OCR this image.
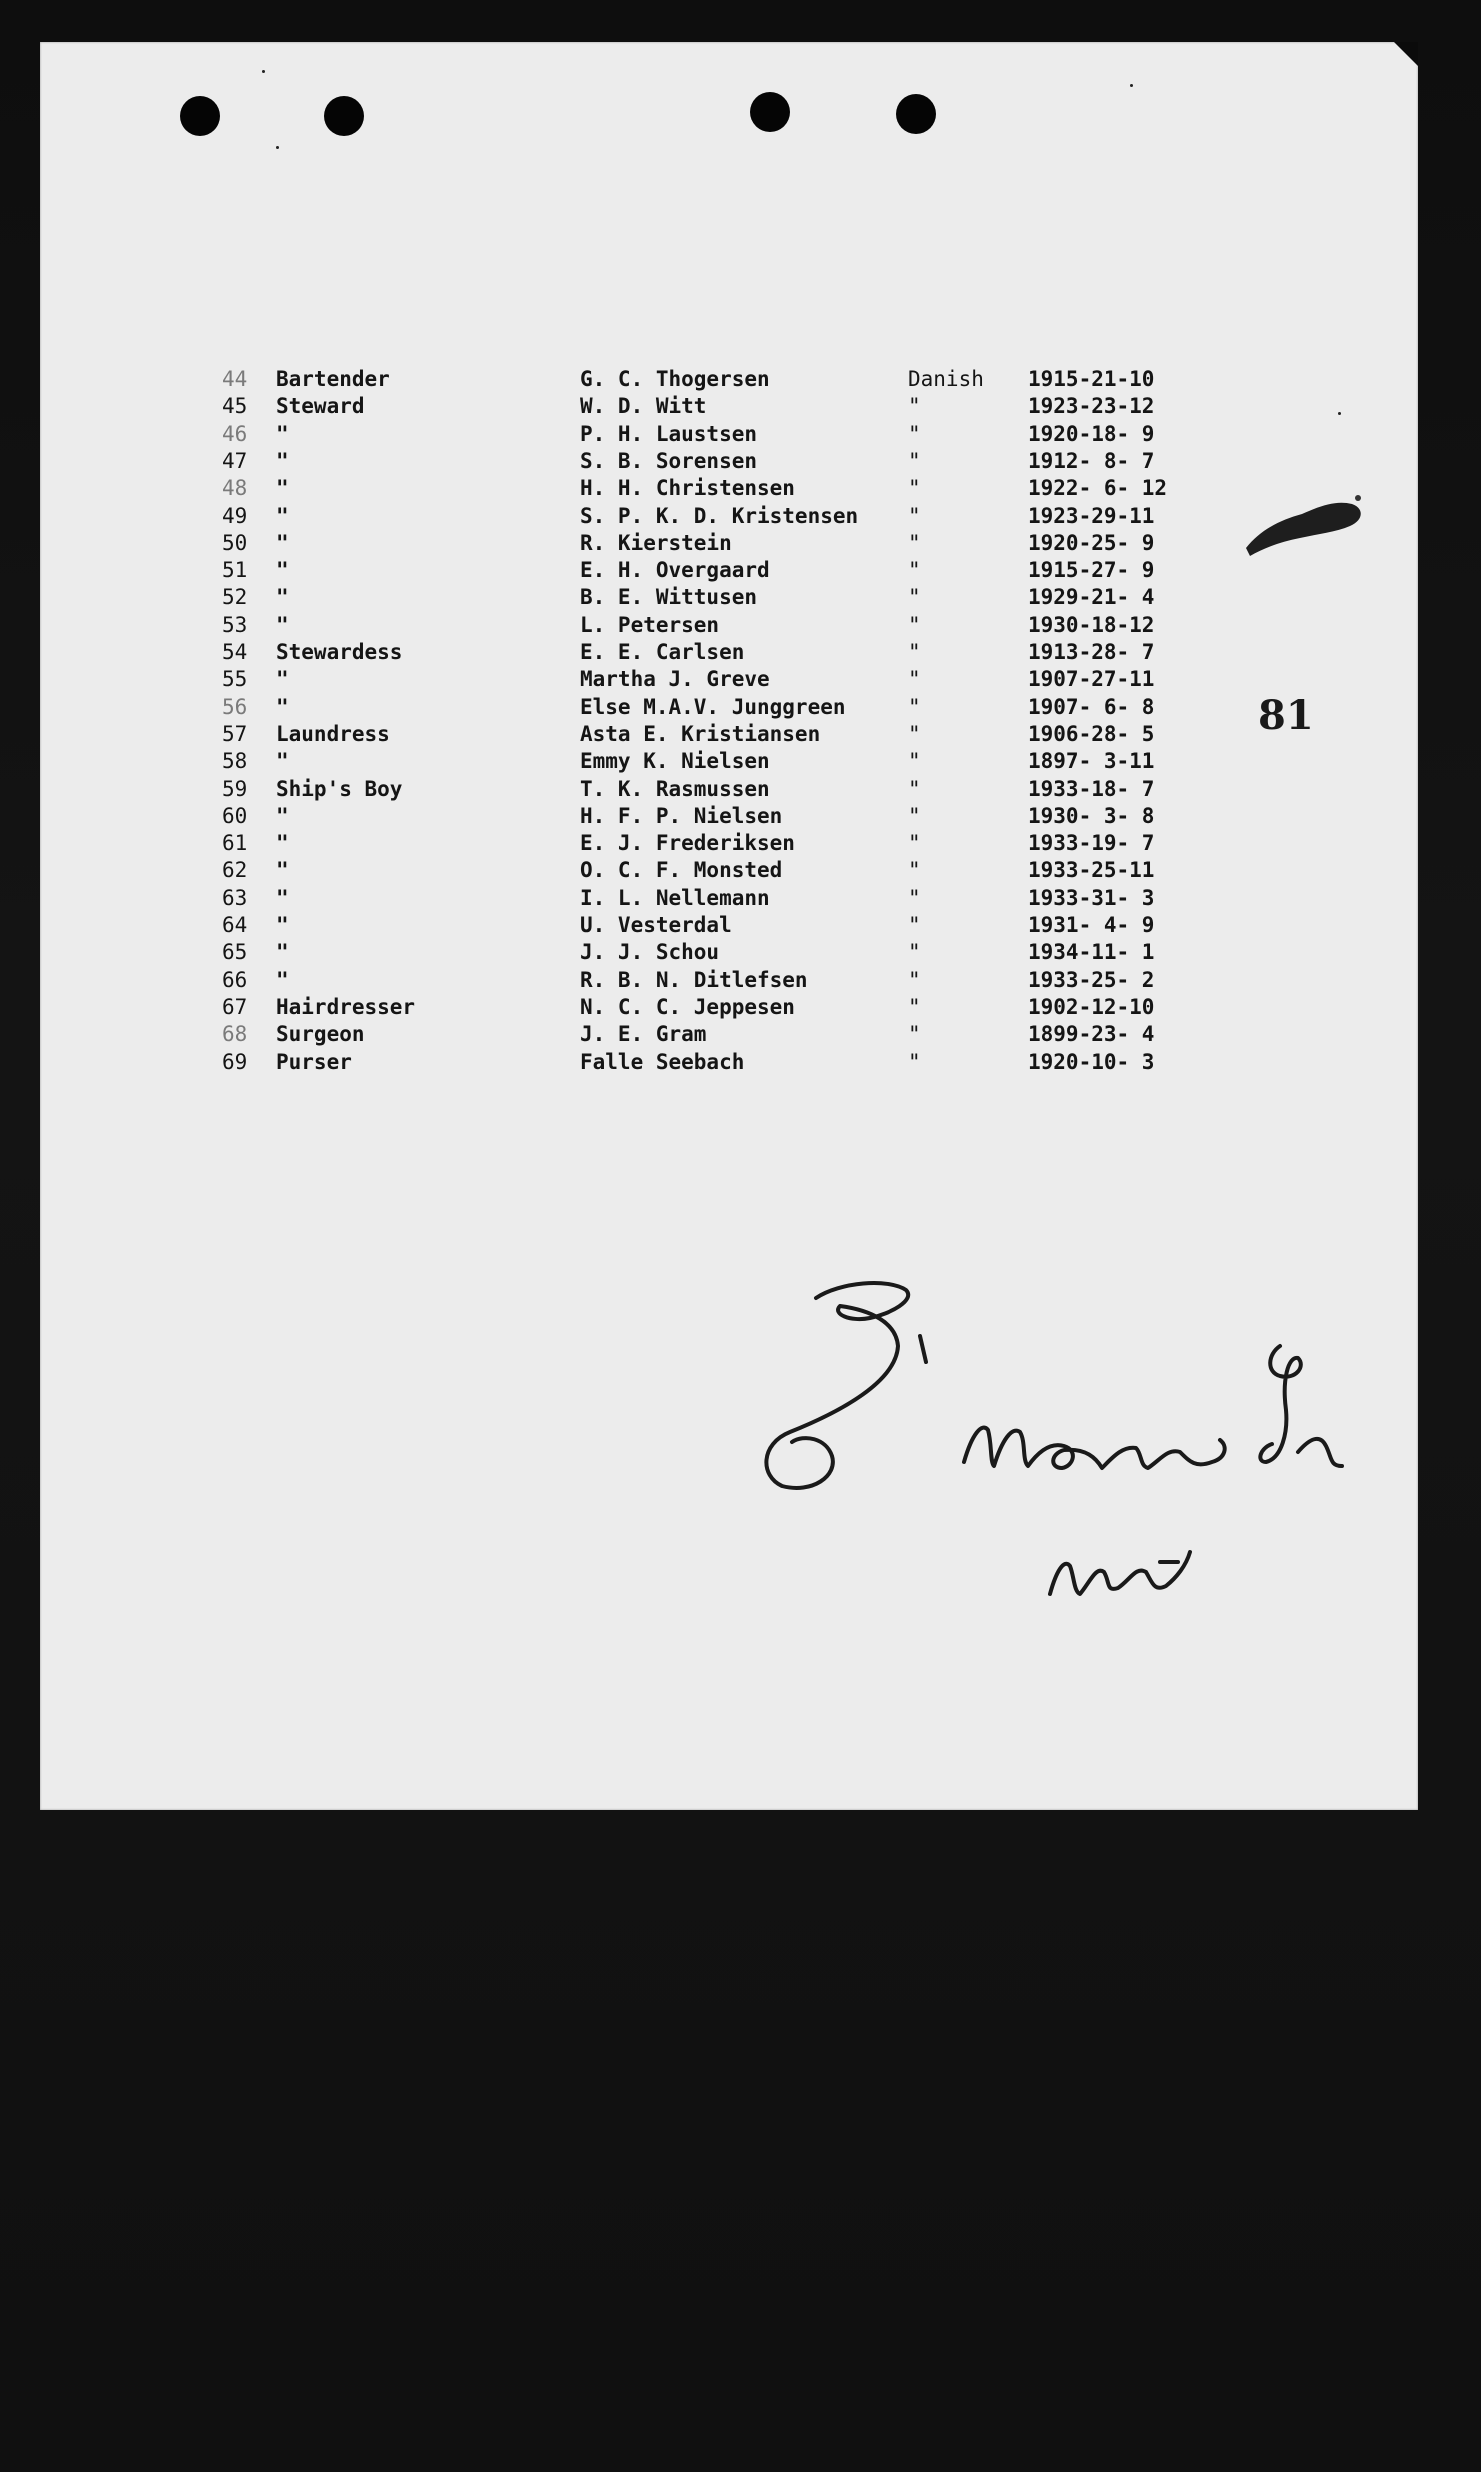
44	Bartender	G. C. Thogersen	Danish	1915-21-10
45	Steward	W. D. Witt	"	1923-23-12
46	"	P. H. Laustsen	"	1920-18- 9
47	"	S. B. Sorensen	"	1912- 8- 7
48	"	H. H. Christensen	"	1922- 6- 12
49	"	S. P. K. D. Kristensen	"	1923-29-11
50	"	R. Kierstein	"	1920-25- 9
51	"	E. H. Overgaard	"	1915-27- 9
52	"	B. E. Wittusen	"	1929-21- 4
53	"	L. Petersen	"	1930-18-12
54	Stewardess	E. E. Carlsen	"	1913-28- 7
55	"	Martha J. Greve	"	1907-27-11
56	"	Else M.A.V. Junggreen	"	1907- 6- 8
57	Laundress	Asta E. Kristiansen	"	1906-28- 5
58	"	Emmy K. Nielsen	"	1897- 3-11
59	Ship's Boy	T. K. Rasmussen	"	1933-18- 7
60	"	H. F. P. Nielsen	"	1930- 3- 8
61	"	E. J. Frederiksen	"	1933-19- 7
62	"	O. C. F. Monsted	"	1933-25-11
63	"	I. L. Nellemann	"	1933-31- 3
64	"	U. Vesterdal	"	1931- 4- 9
65	"	J. J. Schou	"	1934-11- 1
66	"	R. B. N. Ditlefsen	"	1933-25- 2
67	Hairdresser	N. C. C. Jeppesen	"	1902-12-10
68	Surgeon	J. E. Gram	"	1899-23- 4
69	Purser	Falle Seebach	"	1920-10- 3
81
